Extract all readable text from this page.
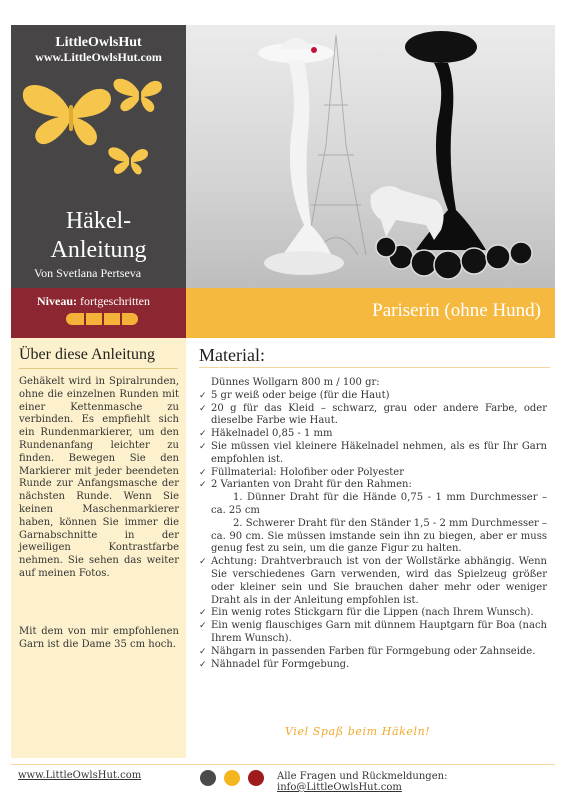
LittleOwlsHut
www.LittleOwlsHut.com
Häkel-
Anleitung
Von Svetlana Pertseva
Niveau: fortgeschritten	Pariserin (ohne Hund)
Über diese Anleitung

Gehäkelt wird in Spiralrunden, ohne die einzelnen Runden mit einer Kettenmasche zu verbinden. Es empfiehlt sich ein Rundenmarkierer, um den Rundenanfang leichter zu finden. Bewegen Sie den Markierer mit jeder beendeten Runde zur Anfangsmasche der nächsten Runde. Wenn Sie keinen Maschenmarkierer haben, können Sie immer die Garnabschnitte in der jeweiligen Kontrastfarbe nehmen. Sie sehen das weiter auf meinen Fotos.

Mit dem von mir empfohlenen Garn ist die Dame 35 cm hoch.

Material:
Dünnes Wollgarn 800 m / 100 gr:
✓ 5 gr weiß oder beige (für die Haut)
✓ 20 g für das Kleid – schwarz, grau oder andere Farbe, oder dieselbe Farbe wie Haut.
✓ Häkelnadel 0,85 - 1 mm
✓ Sie müssen viel kleinere Häkelnadel nehmen, als es für Ihr Garn empfohlen ist.
✓ Füllmaterial: Holofiber oder Polyester
✓ 2 Varianten von Draht für den Rahmen:
1. Dünner Draht für die Hände 0,75 - 1 mm Durchmesser – ca. 25 cm
2. Schwerer Draht für den Ständer 1,5 - 2 mm Durchmesser – ca. 90 cm. Sie müssen imstande sein ihn zu biegen, aber er muss genug fest zu sein, um die ganze Figur zu halten.
✓ Achtung: Drahtverbrauch ist von der Wollstärke abhängig. Wenn Sie verschiedenes Garn verwenden, wird das Spielzeug größer oder kleiner sein und Sie brauchen daher mehr oder weniger Draht als in der Anleitung empfohlen ist.
✓ Ein wenig rotes Stickgarn für die Lippen (nach Ihrem Wunsch).
✓ Ein wenig flauschiges Garn mit dünnem Hauptgarn für Boa (nach Ihrem Wunsch).
✓ Nähgarn in passenden Farben für Formgebung oder Zahnseide.
✓ Nähnadel für Formgebung.
Viel Spaß beim Häkeln!
www.LittleOwlsHut.com	Alle Fragen und Rückmeldungen: info@LittleOwlsHut.com
